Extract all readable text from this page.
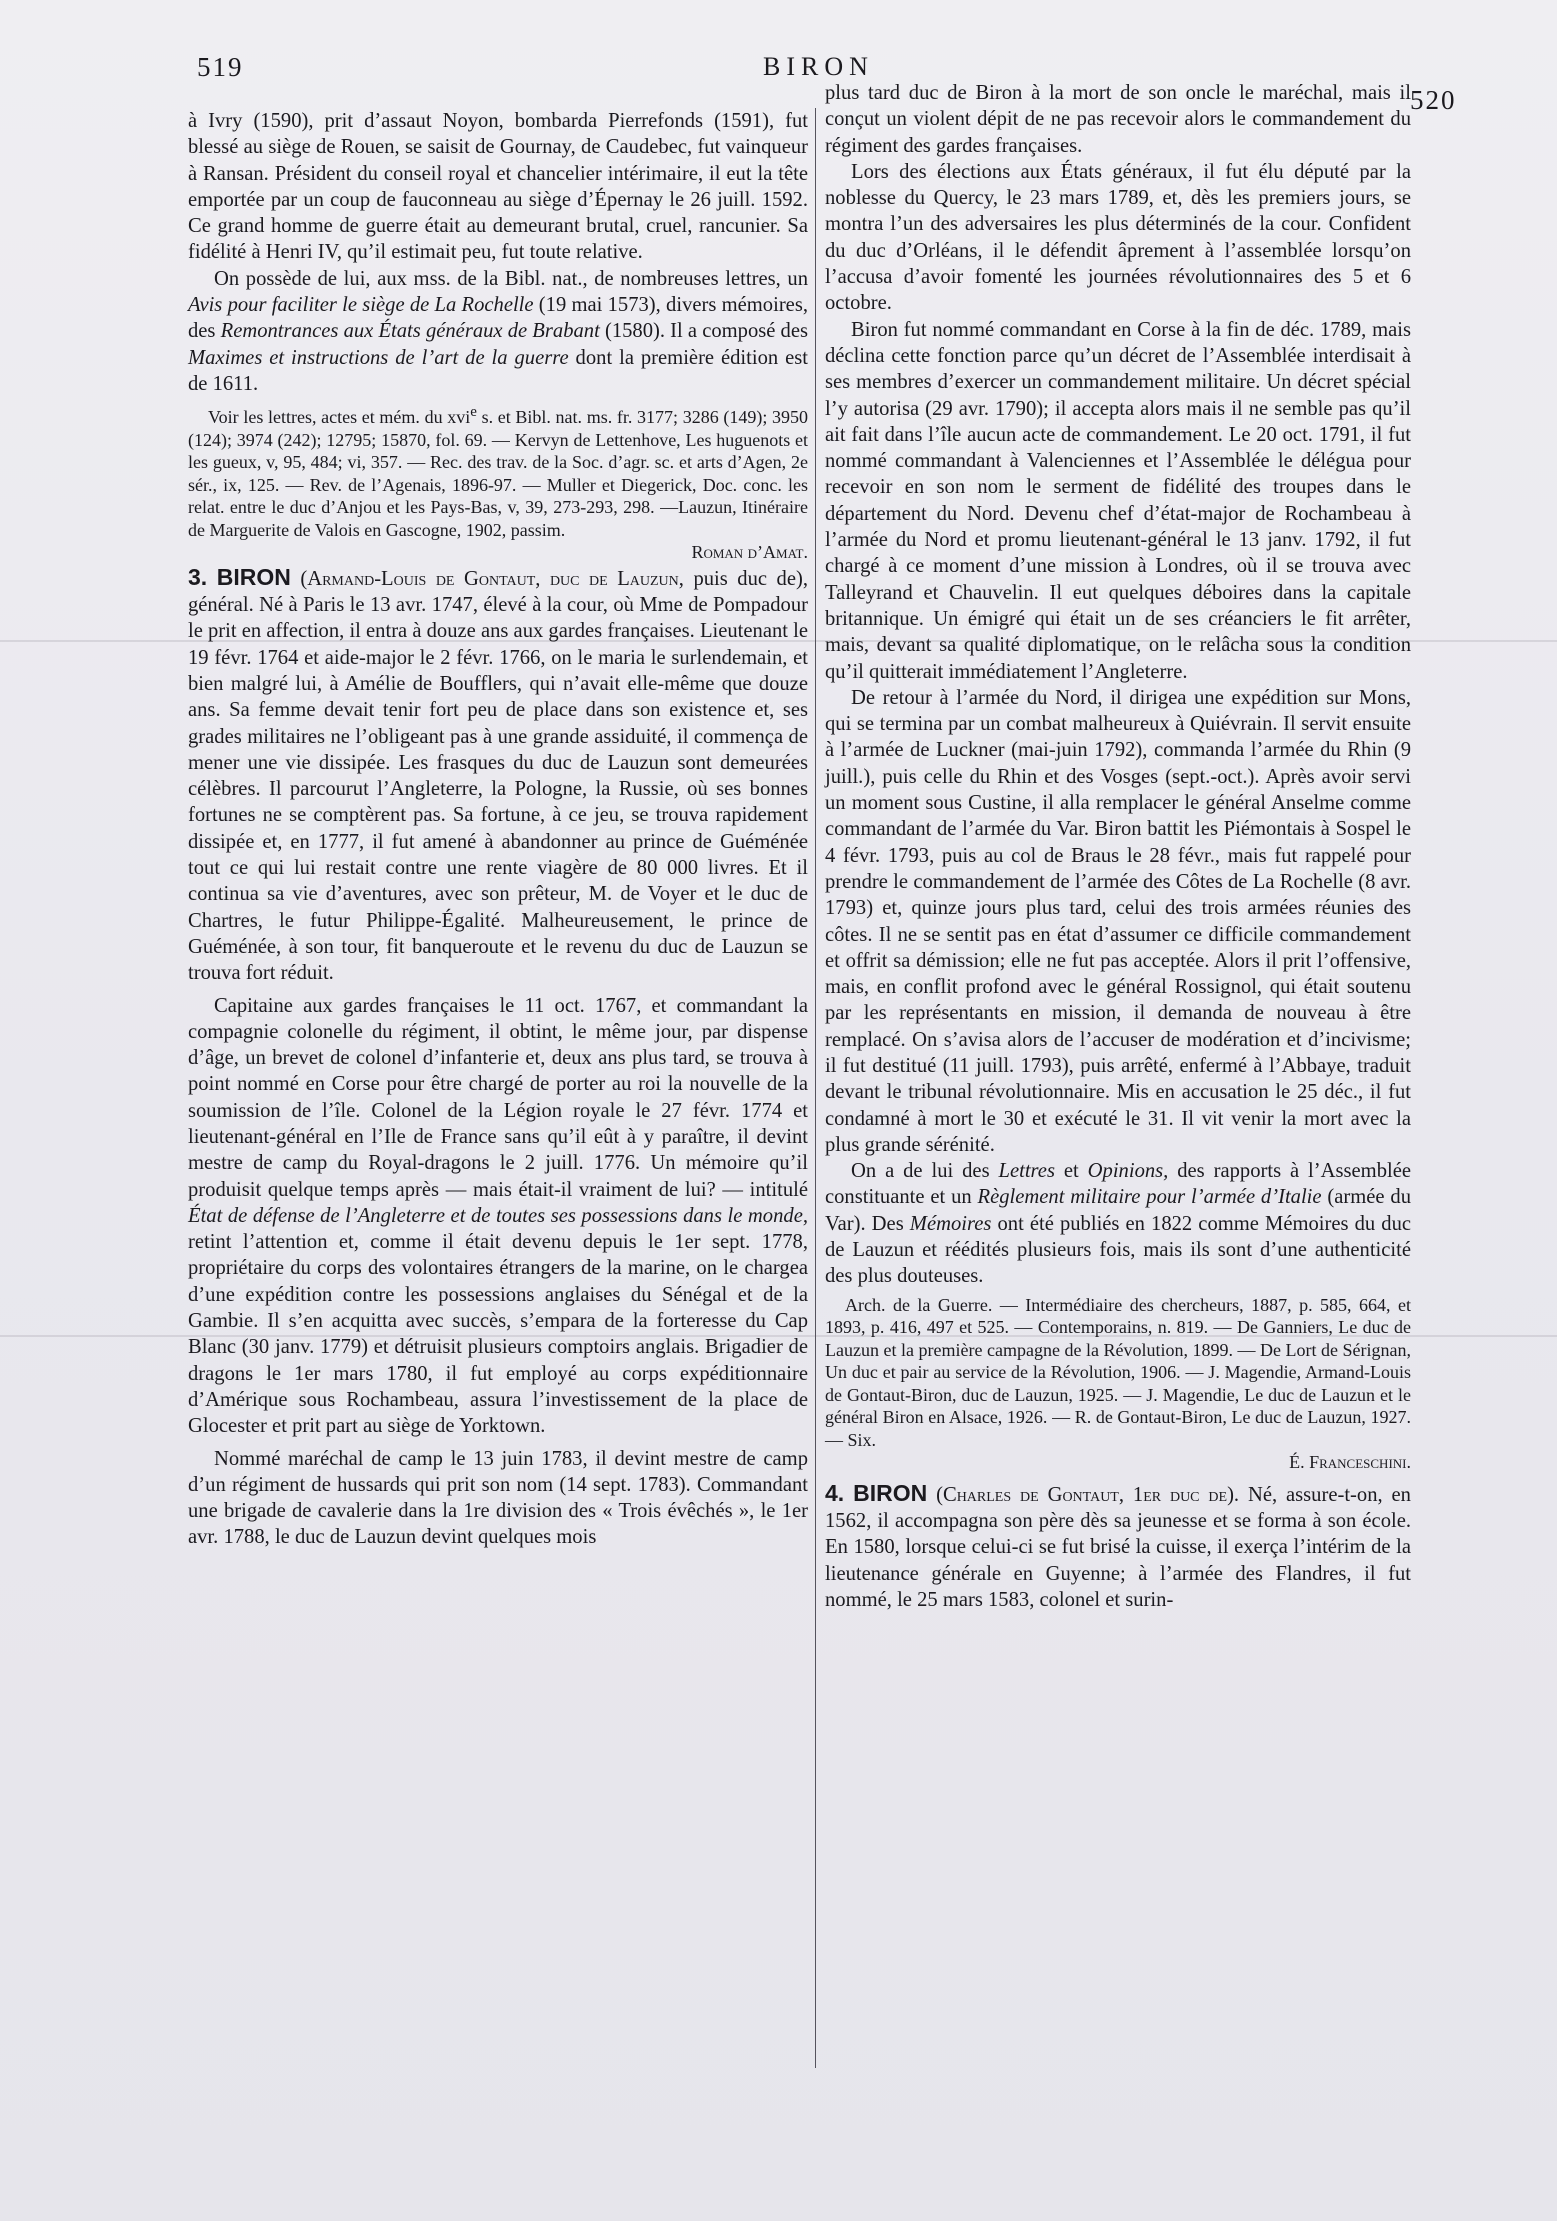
519	BIRON
520

à Ivry (1590), prit d’assaut Noyon, bombarda Pierrefonds (1591), fut blessé au siège de Rouen, se saisit de Gournay, de Caudebec, fut vainqueur à Ransan. Président du conseil royal et chancelier intérimaire, il eut la tête emportée par un coup de fauconneau au siège d’Épernay le 26 juill. 1592. Ce grand homme de guerre était au demeurant brutal, cruel, rancunier. Sa fidélité à Henri IV, qu’il estimait peu, fut toute relative.

On possède de lui, aux mss. de la Bibl. nat., de nombreuses lettres, un Avis pour faciliter le siège de La Rochelle (19 mai 1573), divers mémoires, des Remontrances aux États généraux de Brabant (1580). Il a composé des Maximes et instructions de l’art de la guerre dont la première édition est de 1611.

Voir les lettres, actes et mém. du xvi$^e$ s. et Bibl. nat. ms. fr. 3177; 3286 (149); 3950 (124); 3974 (242); 12795; 15870, fol. 69. — Kervyn de Lettenhove, Les huguenots et les gueux, v, 95, 484; vi, 357. — Rec. des trav. de la Soc. d’agr. sc. et arts d’Agen, 2e sér., ix, 125. — Rev. de l’Agenais, 1896-97. — Muller et Diegerick, Doc. conc. les relat. entre le duc d’Anjou et les Pays-Bas, v, 39, 273-293, 298. —Lauzun, Itinéraire de Marguerite de Valois en Gascogne, 1902, passim.

Roman d’Amat.

3. BIRON (Armand-Louis de Gontaut, duc de Lauzun, puis duc de), général. Né à Paris le 13 avr. 1747, élevé à la cour, où Mme de Pompadour le prit en affection, il entra à douze ans aux gardes françaises. Lieutenant le 19 févr. 1764 et aide-major le 2 févr. 1766, on le maria le surlendemain, et bien malgré lui, à Amélie de Boufflers, qui n’avait elle-même que douze ans. Sa femme devait tenir fort peu de place dans son existence et, ses grades militaires ne l’obligeant pas à une grande assiduité, il commença de mener une vie dissipée. Les frasques du duc de Lauzun sont demeurées célèbres. Il parcourut l’Angleterre, la Pologne, la Russie, où ses bonnes fortunes ne se comptèrent pas. Sa fortune, à ce jeu, se trouva rapidement dissipée et, en 1777, il fut amené à abandonner au prince de Guéménée tout ce qui lui restait contre une rente viagère de 80 000 livres. Et il continua sa vie d’aventures, avec son prêteur, M. de Voyer et le duc de Chartres, le futur Philippe-Égalité. Malheureusement, le prince de Guéménée, à son tour, fit banqueroute et le revenu du duc de Lauzun se trouva fort réduit.

Capitaine aux gardes françaises le 11 oct. 1767, et commandant la compagnie colonelle du régiment, il obtint, le même jour, par dispense d’âge, un brevet de colonel d’infanterie et, deux ans plus tard, se trouva à point nommé en Corse pour être chargé de porter au roi la nouvelle de la soumission de l’île. Colonel de la Légion royale le 27 févr. 1774 et lieutenant-général en l’Ile de France sans qu’il eût à y paraître, il devint mestre de camp du Royal-dragons le 2 juill. 1776. Un mémoire qu’il produisit quelque temps après — mais était-il vraiment de lui? — intitulé État de défense de l’Angleterre et de toutes ses possessions dans le monde, retint l’attention et, comme il était devenu depuis le 1er sept. 1778, propriétaire du corps des volontaires étrangers de la marine, on le chargea d’une expédition contre les possessions anglaises du Sénégal et de la Gambie. Il s’en acquitta avec succès, s’empara de la forteresse du Cap Blanc (30 janv. 1779) et détruisit plusieurs comptoirs anglais. Brigadier de dragons le 1er mars 1780, il fut employé au corps expéditionnaire d’Amérique sous Rochambeau, assura l’investissement de la place de Glocester et prit part au siège de Yorktown.

Nommé maréchal de camp le 13 juin 1783, il devint mestre de camp d’un régiment de hussards qui prit son nom (14 sept. 1783). Commandant une brigade de cavalerie dans la 1re division des « Trois évêchés », le 1er avr. 1788, le duc de Lauzun devint quelques mois

plus tard duc de Biron à la mort de son oncle le maréchal, mais il conçut un violent dépit de ne pas recevoir alors le commandement du régiment des gardes françaises.

Lors des élections aux États généraux, il fut élu député par la noblesse du Quercy, le 23 mars 1789, et, dès les premiers jours, se montra l’un des adversaires les plus déterminés de la cour. Confident du duc d’Orléans, il le défendit âprement à l’assemblée lorsqu’on l’accusa d’avoir fomenté les journées révolutionnaires des 5 et 6 octobre.

Biron fut nommé commandant en Corse à la fin de déc. 1789, mais déclina cette fonction parce qu’un décret de l’Assemblée interdisait à ses membres d’exercer un commandement militaire. Un décret spécial l’y autorisa (29 avr. 1790); il accepta alors mais il ne semble pas qu’il ait fait dans l’île aucun acte de commandement. Le 20 oct. 1791, il fut nommé commandant à Valenciennes et l’Assemblée le délégua pour recevoir en son nom le serment de fidélité des troupes dans le département du Nord. Devenu chef d’état-major de Rochambeau à l’armée du Nord et promu lieutenant-général le 13 janv. 1792, il fut chargé à ce moment d’une mission à Londres, où il se trouva avec Talleyrand et Chauvelin. Il eut quelques déboires dans la capitale britannique. Un émigré qui était un de ses créanciers le fit arrêter, mais, devant sa qualité diplomatique, on le relâcha sous la condition qu’il quitterait immédiatement l’Angleterre.

De retour à l’armée du Nord, il dirigea une expédition sur Mons, qui se termina par un combat malheureux à Quiévrain. Il servit ensuite à l’armée de Luckner (mai-juin 1792), commanda l’armée du Rhin (9 juill.), puis celle du Rhin et des Vosges (sept.-oct.). Après avoir servi un moment sous Custine, il alla remplacer le général Anselme comme commandant de l’armée du Var. Biron battit les Piémontais à Sospel le 4 févr. 1793, puis au col de Braus le 28 févr., mais fut rappelé pour prendre le commandement de l’armée des Côtes de La Rochelle (8 avr. 1793) et, quinze jours plus tard, celui des trois armées réunies des côtes. Il ne se sentit pas en état d’assumer ce difficile commandement et offrit sa démission; elle ne fut pas acceptée. Alors il prit l’offensive, mais, en conflit profond avec le général Rossignol, qui était soutenu par les représentants en mission, il demanda de nouveau à être remplacé. On s’avisa alors de l’accuser de modération et d’incivisme; il fut destitué (11 juill. 1793), puis arrêté, enfermé à l’Abbaye, traduit devant le tribunal révolutionnaire. Mis en accusation le 25 déc., il fut condamné à mort le 30 et exécuté le 31. Il vit venir la mort avec la plus grande sérénité.

On a de lui des Lettres et Opinions, des rapports à l’Assemblée constituante et un Règlement militaire pour l’armée d’Italie (armée du Var). Des Mémoires ont été publiés en 1822 comme Mémoires du duc de Lauzun et réédités plusieurs fois, mais ils sont d’une authenticité des plus douteuses.

Arch. de la Guerre. — Intermédiaire des chercheurs, 1887, p. 585, 664, et 1893, p. 416, 497 et 525. — Contemporains, n. 819. — De Ganniers, Le duc de Lauzun et la première campagne de la Révolution, 1899. — De Lort de Sérignan, Un duc et pair au service de la Révolution, 1906. — J. Magendie, Armand-Louis de Gontaut-Biron, duc de Lauzun, 1925. — J. Magendie, Le duc de Lauzun et le général Biron en Alsace, 1926. — R. de Gontaut-Biron, Le duc de Lauzun, 1927. — Six.

É. Franceschini.

4. BIRON (Charles de Gontaut, 1er duc de). Né, assure-t-on, en 1562, il accompagna son père dès sa jeunesse et se forma à son école. En 1580, lorsque celui-ci se fut brisé la cuisse, il exerça l’intérim de la lieutenance générale en Guyenne; à l’armée des Flandres, il fut nommé, le 25 mars 1583, colonel et surin-
